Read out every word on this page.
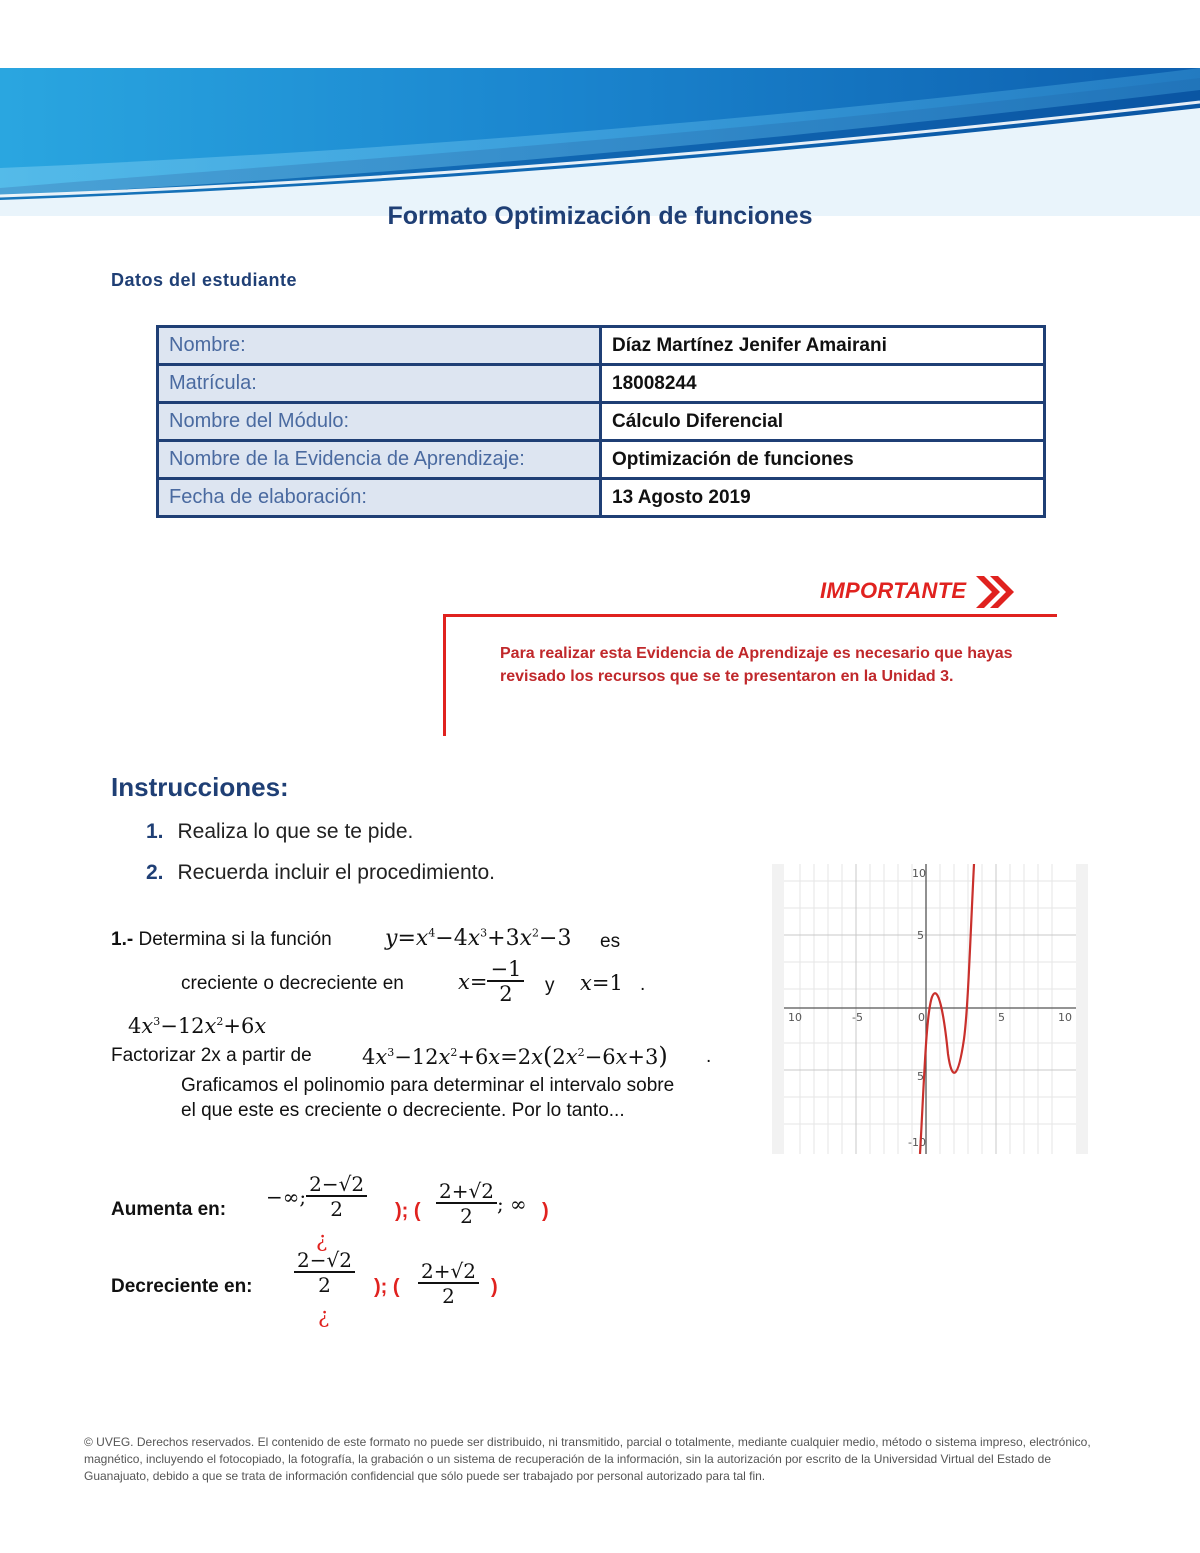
Formato Optimización de funciones
Datos del estudiante
Nombre:	Díaz Martínez Jenifer Amairani
Matrícula:	18008244
Nombre del Módulo:	Cálculo Diferencial
Nombre de la Evidencia de Aprendizaje:	Optimización de funciones
Fecha de elaboración:	13 Agosto 2019
IMPORTANTE
Para realizar esta Evidencia de Aprendizaje es necesario que hayas revisado los recursos que se te presentaron en la Unidad 3.
Instrucciones:
1. Realiza lo que se te pide.
2. Recuerda incluir el procedimiento.
10	-5	0	5	10
10
5
5
-10
1.- Determina si la función $y=x^4-4x^3+3x^2-3$ es
creciente o decreciente en	$x= \frac{-1}{2}$ y x=1 .
$4x^3-12x^2+6x$
Factorizar 2x a partir de $4x^3-12x^2+6x=2x(2x^2-6x+3)$ .
Graficamos el polinomio para determinar el intervalo sobre el que este es creciente o decreciente. Por lo tanto...
Aumenta en:
−∞; $\frac{2-√2}{2}$
¿
); ( $\frac{2+√2}{2}$ ; ∞ )
Decreciente en: $\frac{2-√2}{2}$
¿
); ( $\frac{2+√2}{2}$ )
© UVEG. Derechos reservados. El contenido de este formato no puede ser distribuido, ni transmitido, parcial o totalmente, mediante cualquier medio, método o sistema impreso, electrónico, magnético, incluyendo el fotocopiado, la fotografía, la grabación o un sistema de recuperación de la información, sin la autorización por escrito de la Universidad Virtual del Estado de Guanajuato, debido a que se trata de información confidencial que sólo puede ser trabajado por personal autorizado para tal fin.
